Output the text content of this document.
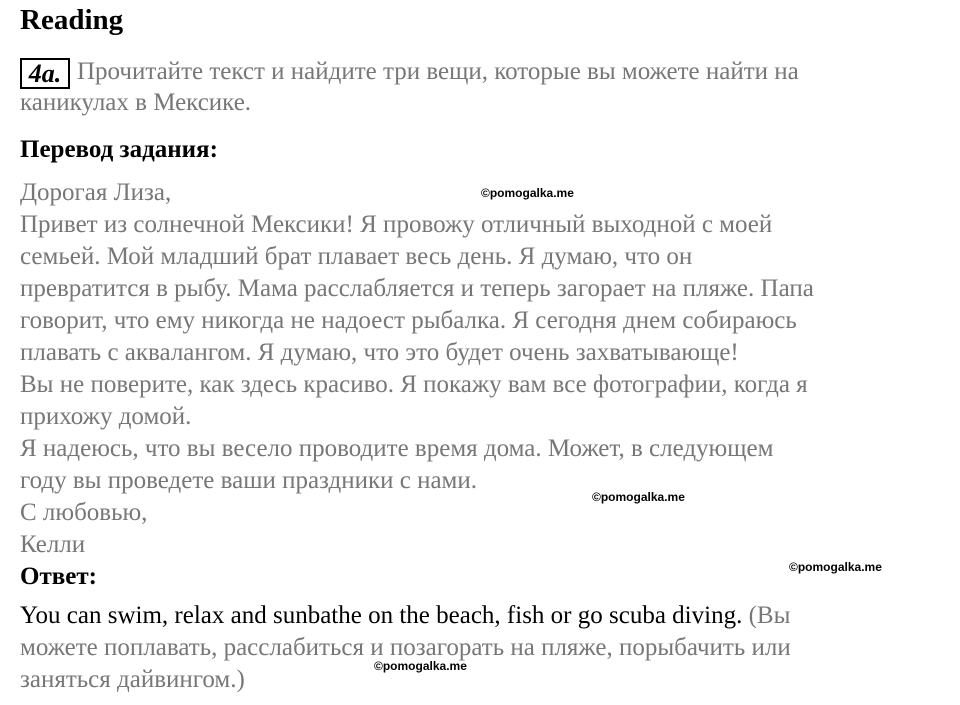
Reading
4a. Прочитайте текст и найдите три вещи, которые вы можете найти на
каникулах в Мексике.
Перевод задания:
Дорогая Лиза,
Привет из солнечной Мексики! Я провожу отличный выходной с моей
семьей. Мой младший брат плавает весь день. Я думаю, что он
превратится в рыбу. Мама расслабляется и теперь загорает на пляже. Папа
говорит, что ему никогда не надоест рыбалка. Я сегодня днем собираюсь
плавать с аквалангом. Я думаю, что это будет очень захватывающе!
Вы не поверите, как здесь красиво. Я покажу вам все фотографии, когда я
прихожу домой.
Я надеюсь, что вы весело проводите время дома. Может, в следующем
году вы проведете ваши праздники с нами.
С любовью,
Келли
Ответ:
You can swim, relax and sunbathe on the beach, fish or go scuba diving. (Вы
можете поплавать, расслабиться и позагорать на пляже, порыбачить или
заняться дайвингом.)
©pomogalka.me
©pomogalka.me
©pomogalka.me
©pomogalka.me
